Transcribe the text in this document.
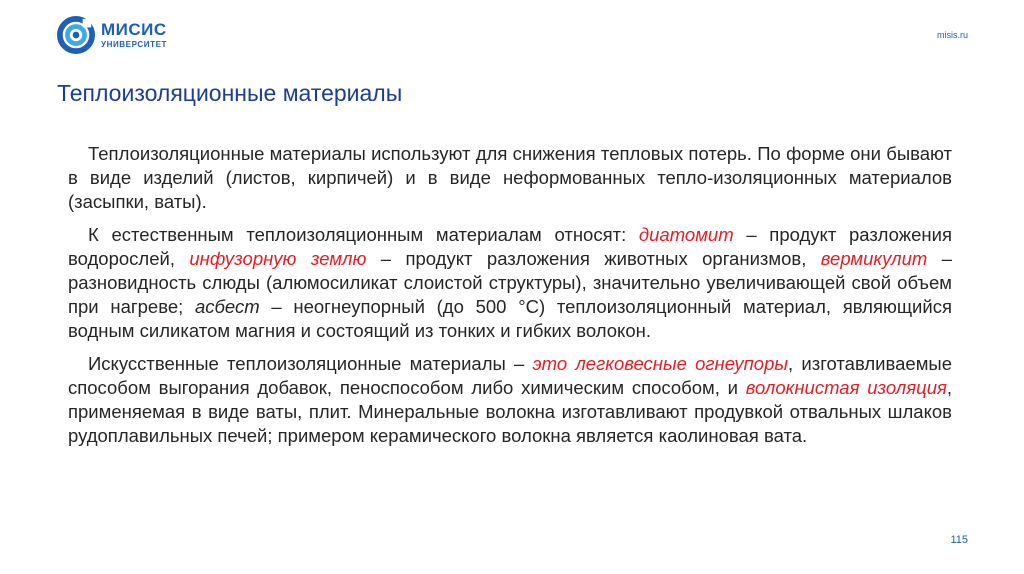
МИСИС
УНИВЕРСИТЕТ
misis.ru
Теплоизоляционные материалы

Теплоизоляционные материалы используют для снижения тепловых потерь. По форме они бывают в виде изделий (листов, кирпичей) и в виде неформованных тепло-изоляционных материалов (засыпки, ваты).

К естественным теплоизоляционным материалам относят: диатомит – продукт разложения водорослей, инфузорную землю – продукт разложения животных организмов, вермикулит – разновидность слюды (алюмосиликат слоистой структуры), значительно увеличивающей свой объем при нагреве; асбест – неогнеупорный (до 500 °С) теплоизоляционный материал, являющийся водным силикатом магния и состоящий из тонких и гибких волокон.

Искусственные теплоизоляционные материалы – это легковесные огнеупоры, изготавливаемые способом выгорания добавок, пеноспособом либо химическим способом, и волокнистая изоляция, применяемая в виде ваты, плит. Минеральные волокна изготавливают продувкой отвальных шлаков рудоплавильных печей; примером керамического волокна является каолиновая вата.

115
